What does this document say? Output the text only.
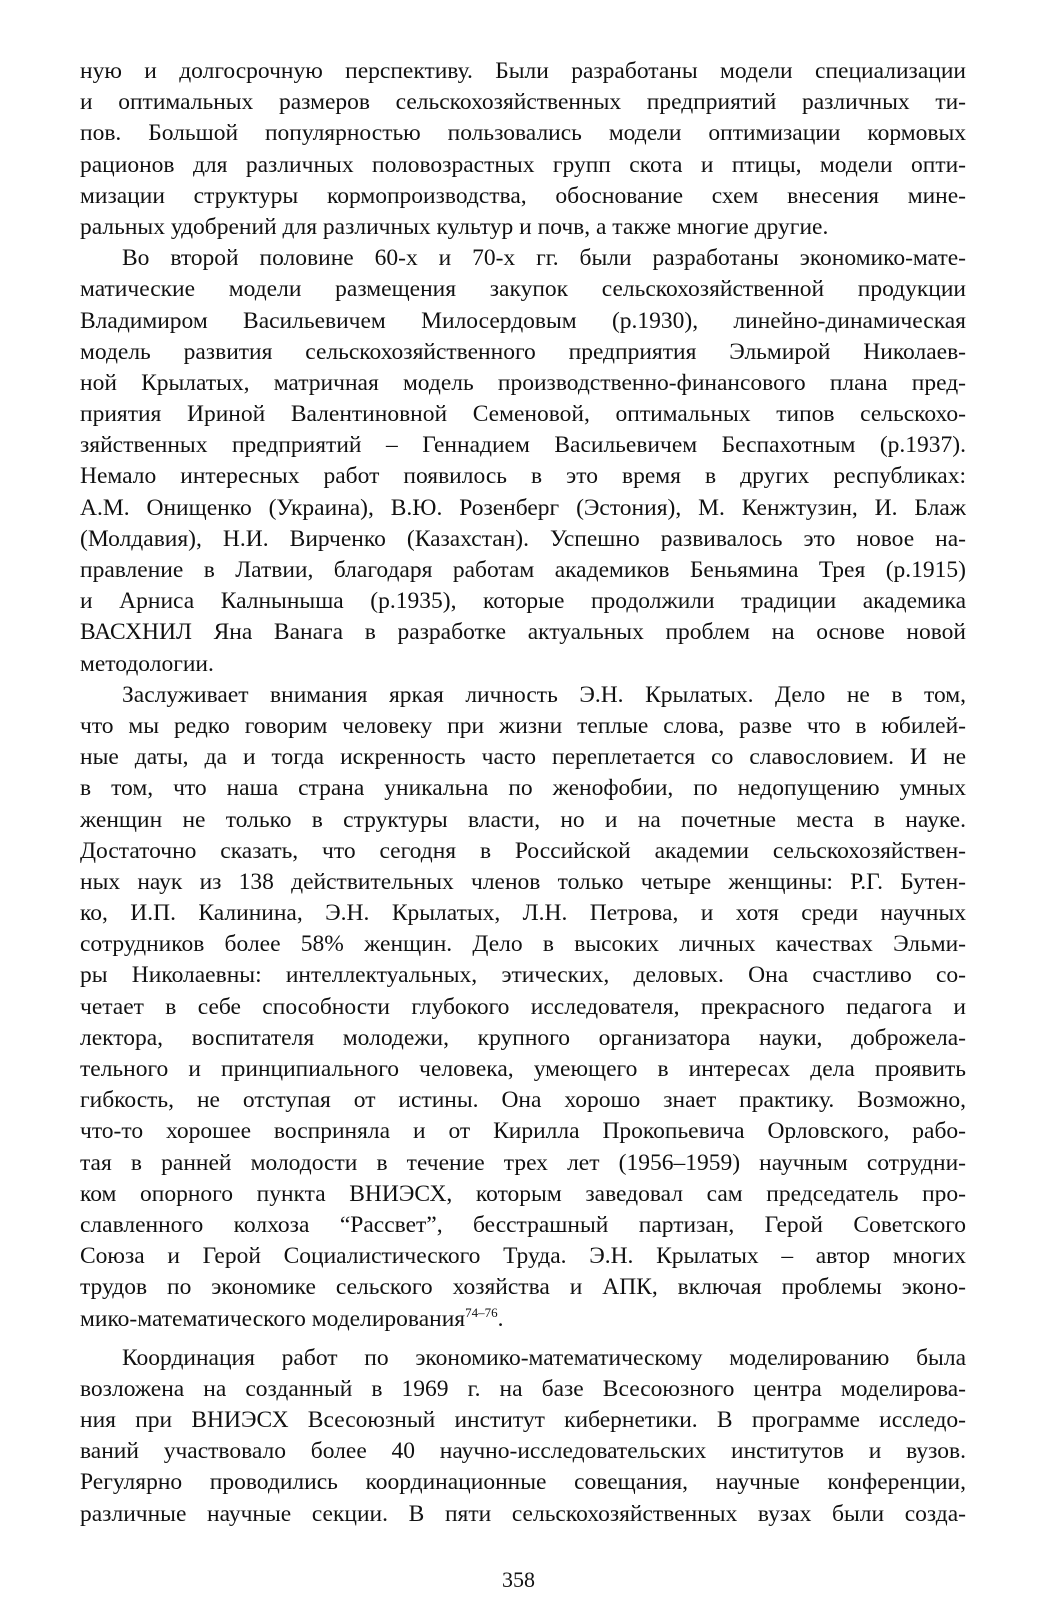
ную и долгосрочную перспективу. Были разработаны модели специализации
и оптимальных размеров сельскохозяйственных предприятий различных ти-
пов. Большой популярностью пользовались модели оптимизации кормовых
рационов для различных половозрастных групп скота и птицы, модели опти-
мизации структуры кормопроизводства, обоснование схем внесения мине-
ральных удобрений для различных культур и почв, а также многие другие.
Во второй половине 60-х и 70-х гг. были разработаны экономико-мате-
матические модели размещения закупок сельскохозяйственной продукции
Владимиром Васильевичем Милосердовым (р.1930), линейно-динамическая
модель развития сельскохозяйственного предприятия Эльмирой Николаев-
ной Крылатых, матричная модель производственно-финансового плана пред-
приятия Ириной Валентиновной Семеновой, оптимальных типов сельскохо-
зяйственных предприятий – Геннадием Васильевичем Беспахотным (р.1937).
Немало интересных работ появилось в это время в других республиках:
А.М. Онищенко (Украина), В.Ю. Розенберг (Эстония), М. Кенжтузин, И. Блаж
(Молдавия), Н.И. Вирченко (Казахстан). Успешно развивалось это новое на-
правление в Латвии, благодаря работам академиков Беньямина Трея (р.1915)
и Арниса Калныныша (р.1935), которые продолжили традиции академика
ВАСХНИЛ Яна Ванага в разработке актуальных проблем на основе новой
методологии.
Заслуживает внимания яркая личность Э.Н. Крылатых. Дело не в том,
что мы редко говорим человеку при жизни теплые слова, разве что в юбилей-
ные даты, да и тогда искренность часто переплетается со славословием. И не
в том, что наша страна уникальна по женофобии, по недопущению умных
женщин не только в структуры власти, но и на почетные места в науке.
Достаточно сказать, что сегодня в Российской академии сельскохозяйствен-
ных наук из 138 действительных членов только четыре женщины: Р.Г. Бутен-
ко, И.П. Калинина, Э.Н. Крылатых, Л.Н. Петрова, и хотя среди научных
сотрудников более 58% женщин. Дело в высоких личных качествах Эльми-
ры Николаевны: интеллектуальных, этических, деловых. Она счастливо со-
четает в себе способности глубокого исследователя, прекрасного педагога и
лектора, воспитателя молодежи, крупного организатора науки, доброжела-
тельного и принципиального человека, умеющего в интересах дела проявить
гибкость, не отступая от истины. Она хорошо знает практику. Возможно,
что-то хорошее восприняла и от Кирилла Прокопьевича Орловского, рабо-
тая в ранней молодости в течение трех лет (1956–1959) научным сотрудни-
ком опорного пункта ВНИЭСХ, которым заведовал сам председатель про-
славленного колхоза “Рассвет”, бесстрашный партизан, Герой Советского
Союза и Герой Социалистического Труда. Э.Н. Крылатых – автор многих
трудов по экономике сельского хозяйства и АПК, включая проблемы эконо-
мико-математического моделирования$^{74-76}$.
Координация работ по экономико-математическому моделированию была
возложена на созданный в 1969 г. на базе Всесоюзного центра моделирова-
ния при ВНИЭСХ Всесоюзный институт кибернетики. В программе исследо-
ваний участвовало более 40 научно-исследовательских институтов и вузов.
Регулярно проводились координационные совещания, научные конференции,
различные научные секции. В пяти сельскохозяйственных вузах были созда-
358
